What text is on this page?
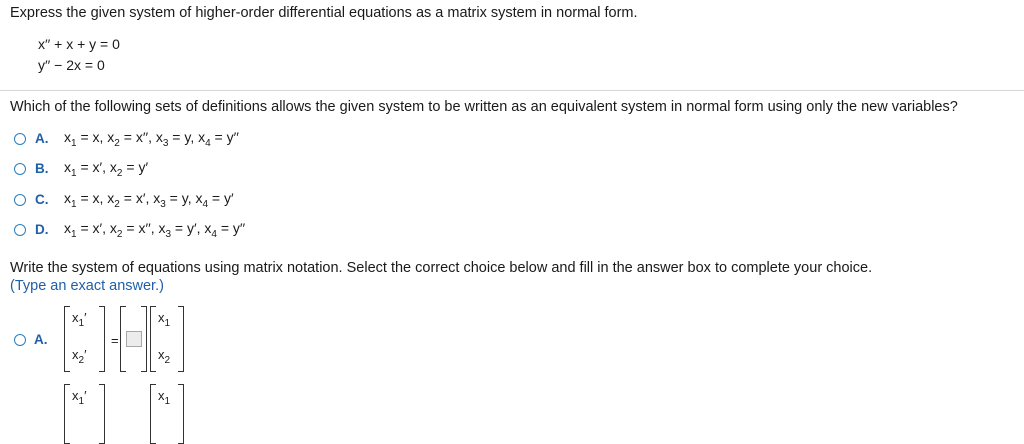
Express the given system of higher-order differential equations as a matrix system in normal form.
x′′ + x + y = 0
y′′ − 2x = 0
Which of the following sets of definitions allows the given system to be written as an equivalent system in normal form using only the new variables?
A. $x_1 = x$, $x_2 = x''$, $x_3 = y$, $x_4 = y''$
B. $x_1 = x'$, $x_2 = y'$
C. $x_1 = x$, $x_2 = x'$, $x_3 = y$, $x_4 = y'$
D. $x_1 = x'$, $x_2 = x''$, $x_3 = y'$, $x_4 = y''$
Write the system of equations using matrix notation. Select the correct choice below and fill in the answer box to complete your choice.
(Type an exact answer.)
A.
$x_1'$
$x_2'$
=
$x_1$
$x_2$
$x_1'$	$x_1$
